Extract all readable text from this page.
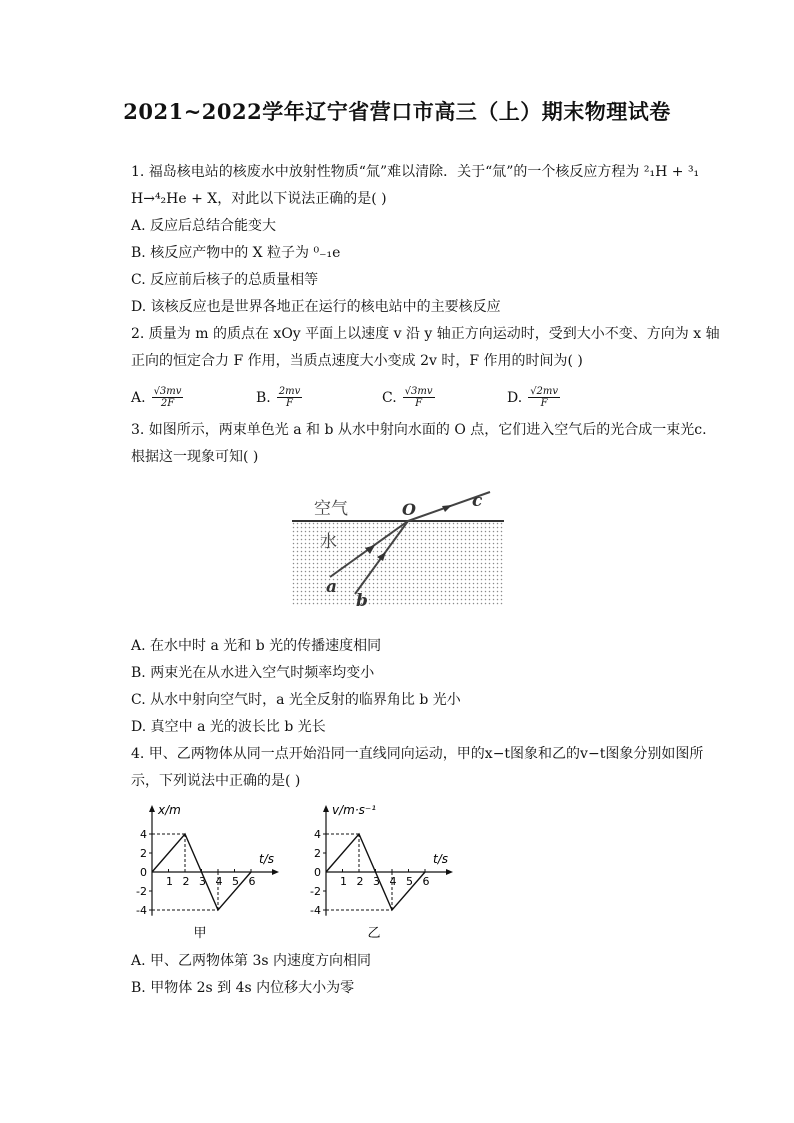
2021~2022学年辽宁省营口市高三（上）期末物理试卷
1. 福岛核电站的核废水中放射性物质“氚”难以清除．关于“氚”的一个核反应方程为 ²₁H + ³₁
H→⁴₂He + X，对此以下说法正确的是( )
A. 反应后总结合能变大
B. 核反应产物中的 X 粒子为 ⁰₋₁e
C. 反应前后核子的总质量相等
D. 该核反应也是世界各地正在运行的核电站中的主要核反应
2. 质量为 m 的质点在 xOy 平面上以速度 v 沿 y 轴正方向运动时，受到大小不变、方向为 x 轴
正向的恒定合力 F 作用，当质点速度大小变成 2v 时，F 作用的时间为( )
A. $\frac{√3mv}{2F}$	B. $\frac{2mv}{F}$	C. $\frac{√3mv}{F}$	D. $\frac{√2mv}{F}$
3. 如图所示，两束单色光 a 和 b 从水中射向水面的 O 点，它们进入空气后的光合成一束光c.
根据这一现象可知( )
空气
水
O
a
b
c
A. 在水中时 a 光和 b 光的传播速度相同
B. 两束光在从水进入空气时频率均变小
C. 从水中射向空气时，a 光全反射的临界角比 b 光小
D. 真空中 a 光的波长比 b 光长
4. 甲、乙两物体从同一点开始沿同一直线同向运动，甲的x−t图象和乙的v−t图象分别如图所
示，下列说法中正确的是( )
x/m
t/s
4
2
0
-2
-4
1 2 3 4 5 6
甲
v/m·s⁻¹
t/s
4
2
0
-2
-4
1 2 3 4 5 6
乙
A. 甲、乙两物体第 3s 内速度方向相同
B. 甲物体 2s 到 4s 内位移大小为零
